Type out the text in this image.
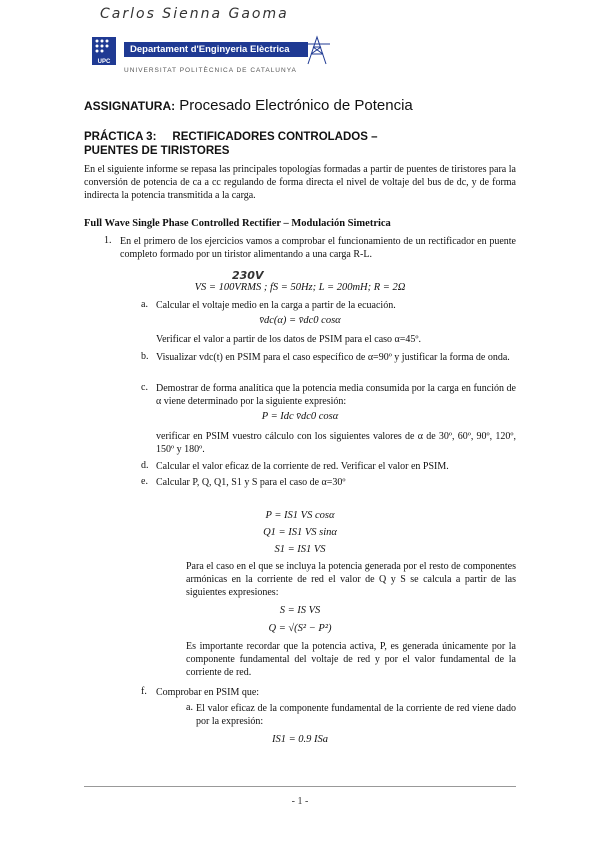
Carlos Sienna Gaoma
UPC
Departament d'Enginyeria Elèctrica
UNIVERSITAT POLITÈCNICA DE CATALUNYA
ASSIGNATURA: Procesado Electrónico de Potencia
PRÁCTICA 3:     RECTIFICADORES CONTROLADOS –
PUENTES DE TIRISTORES
En el siguiente informe se repasa las principales topologías formadas a partir de puentes de tiristores para la conversión de potencia de ca a cc regulando de forma directa el nivel de voltaje del bus de dc, y de forma indirecta la potencia transmitida a la carga.
Full Wave Single Phase Controlled Rectifier – Modulación Simetrica
1. En el primero de los ejercicios vamos a comprobar el funcionamiento de un rectificador en puente completo formado por un tiristor alimentando a una carga R-L.
230V
VS = 100VRMS ; fS = 50Hz; L = 200mH; R = 2Ω
a. Calcular el voltaje medio en la carga a partir de la ecuación.
v̄dc(α) = v̄dc0 cosα
Verificar el valor a partir de los datos de PSIM para el caso α=45º.
b. Visualizar vdc(t) en PSIM para el caso específico de α=90º y justificar la forma de onda.
c. Demostrar de forma analítica que la potencia media consumida por la carga en función de α viene determinado por la siguiente expresión:
P = Idc v̄dc0 cosα
verificar en PSIM vuestro cálculo con los siguientes valores de α de 30º, 60º, 90º, 120º, 150º y 180º.
d. Calcular el valor eficaz de la corriente de red. Verificar el valor en PSIM.
e. Calcular P, Q, Q1, S1 y S para el caso de α=30º
P = IS1 VS cosα
Q1 = IS1 VS sinα
S1 = IS1 VS
Para el caso en el que se incluya la potencia generada por el resto de componentes armónicas en la corriente de red el valor de Q y S se calcula a partir de las siguientes expresiones:
S = IS VS
Q = √(S² − P²)
Es importante recordar que la potencia activa, P, es generada únicamente por la componente fundamental del voltaje de red y por el valor fundamental de la corriente de red.
f. Comprobar en PSIM que:
a. El valor eficaz de la componente fundamental de la corriente de red viene dado por la expresión:
IS1 = 0.9 ISa
- 1 -
